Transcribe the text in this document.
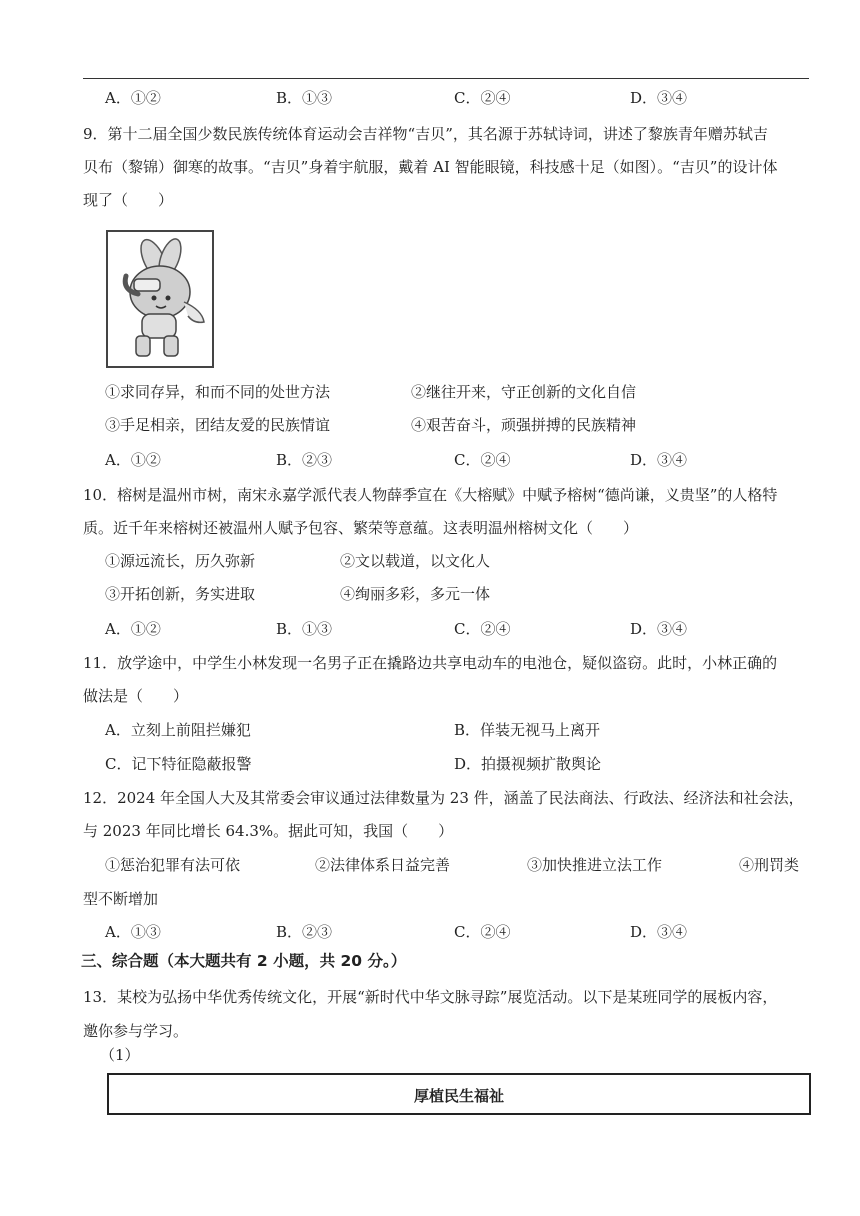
A．①②	B．①③	C．②④	D．③④
9．第十二届全国少数民族传统体育运动会吉祥物“吉贝”，其名源于苏轼诗词，讲述了黎族青年赠苏轼吉
贝布（黎锦）御寒的故事。“吉贝”身着宇航服，戴着 AI 智能眼镜，科技感十足（如图）。“吉贝”的设计体
现了（　　）
①求同存异，和而不同的处世方法	②继往开来，守正创新的文化自信
③手足相亲，团结友爱的民族情谊	④艰苦奋斗，顽强拼搏的民族精神
A．①②	B．②③	C．②④	D．③④
10．榕树是温州市树，南宋永嘉学派代表人物薛季宣在《大榕赋》中赋予榕树“德尚谦，义贵坚”的人格特
质。近千年来榕树还被温州人赋予包容、繁荣等意蕴。这表明温州榕树文化（　　）
①源远流长，历久弥新	②文以载道，以文化人
③开拓创新，务实进取	④绚丽多彩，多元一体
A．①②	B．①③	C．②④	D．③④
11．放学途中，中学生小林发现一名男子正在撬路边共享电动车的电池仓，疑似盗窃。此时，小林正确的
做法是（　　）
A．立刻上前阻拦嫌犯	B．佯装无视马上离开
C．记下特征隐蔽报警	D．拍摄视频扩散舆论
12．2024 年全国人大及其常委会审议通过法律数量为 23 件，涵盖了民法商法、行政法、经济法和社会法，
与 2023 年同比增长 64.3%。据此可知，我国（　　）
①惩治犯罪有法可依	②法律体系日益完善	③加快推进立法工作	④刑罚类
型不断增加
A．①③	B．②③	C．②④	D．③④
三、综合题（本大题共有 2 小题，共 20 分。）
13．某校为弘扬中华优秀传统文化，开展“新时代中华文脉寻踪”展览活动。以下是某班同学的展板内容，
邀你参与学习。
（1）
厚植民生福祉
